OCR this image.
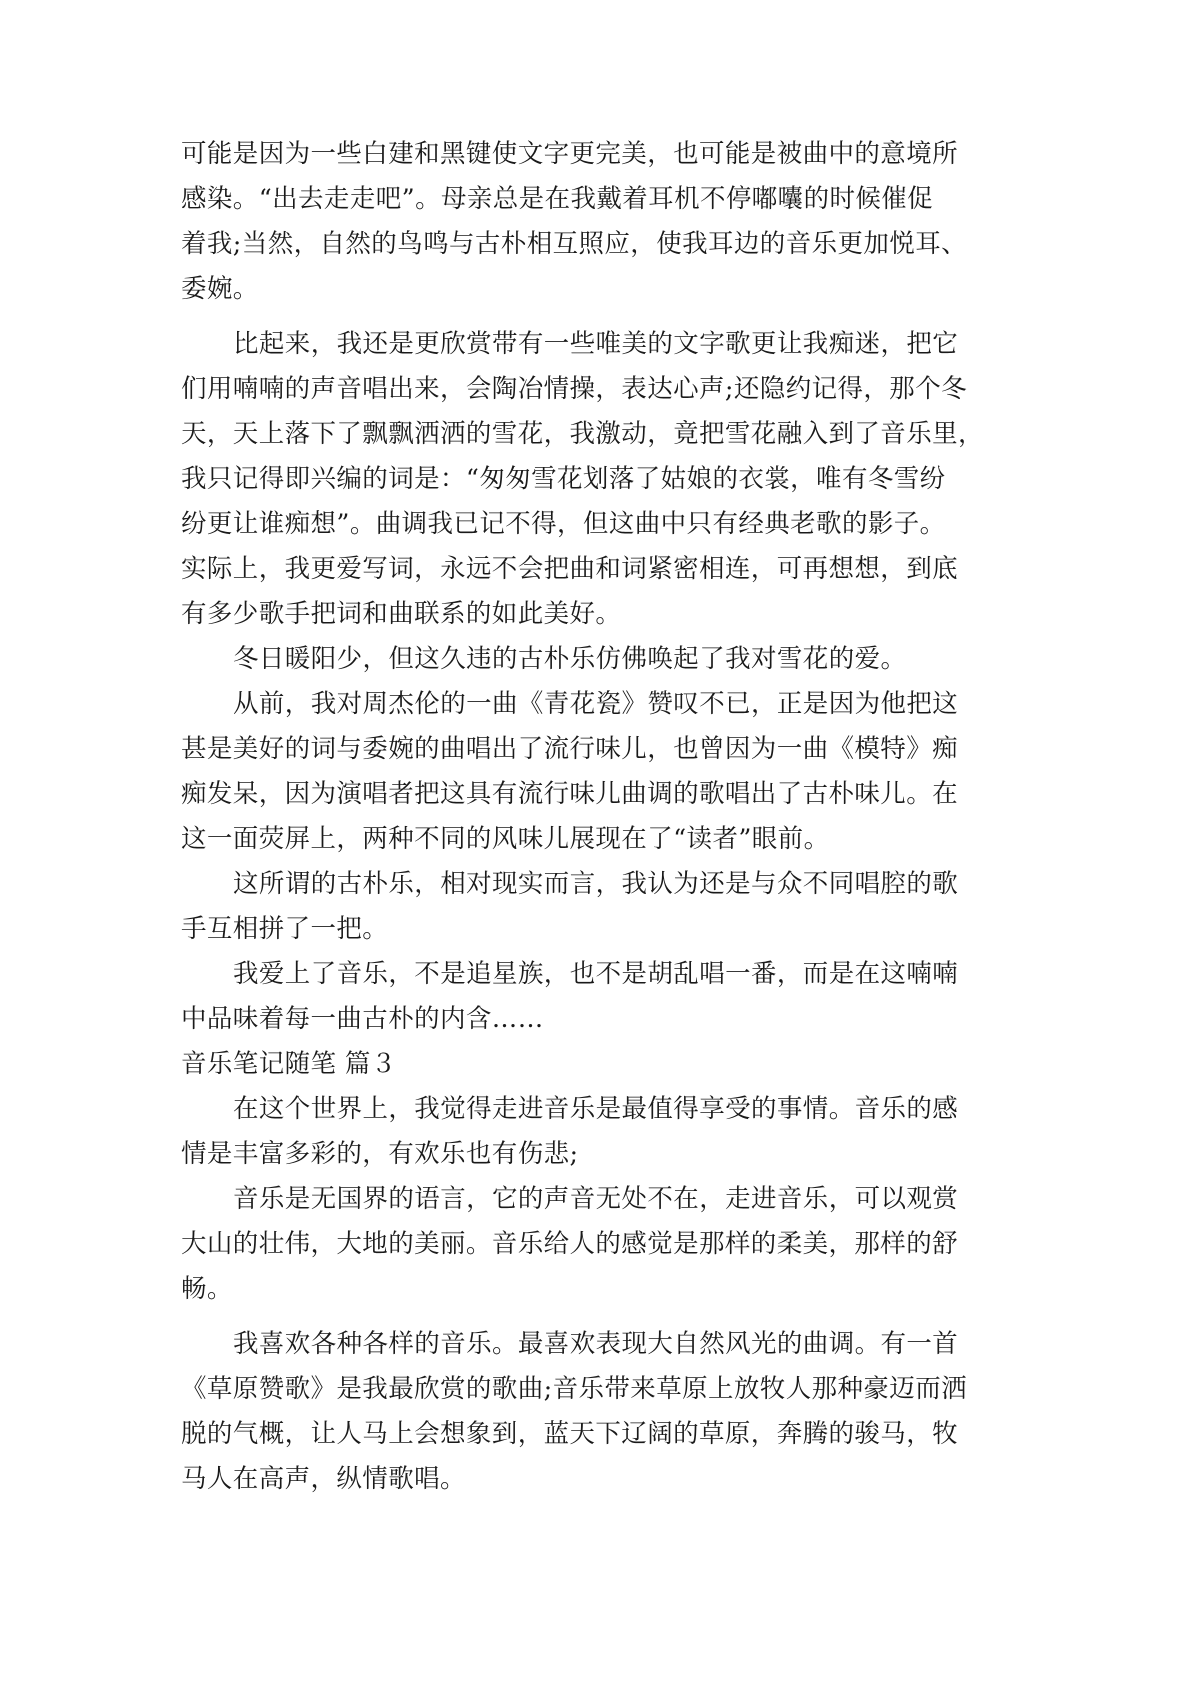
可能是因为一些白建和黑键使文字更完美，也可能是被曲中的意境所
感染。“出去走走吧”。母亲总是在我戴着耳机不停嘟囔的时候催促
着我;当然，自然的鸟鸣与古朴相互照应，使我耳边的音乐更加悦耳、
委婉。
比起来，我还是更欣赏带有一些唯美的文字歌更让我痴迷，把它
们用喃喃的声音唱出来，会陶冶情操，表达心声;还隐约记得，那个冬
天，天上落下了飘飘洒洒的雪花，我激动，竟把雪花融入到了音乐里，
我只记得即兴编的词是：“匆匆雪花划落了姑娘的衣裳，唯有冬雪纷
纷更让谁痴想”。曲调我已记不得，但这曲中只有经典老歌的影子。
实际上，我更爱写词，永远不会把曲和词紧密相连，可再想想，到底
有多少歌手把词和曲联系的如此美好。
冬日暖阳少，但这久违的古朴乐仿佛唤起了我对雪花的爱。
从前，我对周杰伦的一曲《青花瓷》赞叹不已，正是因为他把这
甚是美好的词与委婉的曲唱出了流行味儿，也曾因为一曲《模特》痴
痴发呆，因为演唱者把这具有流行味儿曲调的歌唱出了古朴味儿。在
这一面荧屏上，两种不同的风味儿展现在了“读者”眼前。
这所谓的古朴乐，相对现实而言，我认为还是与众不同唱腔的歌
手互相拼了一把。
我爱上了音乐，不是追星族，也不是胡乱唱一番，而是在这喃喃
中品味着每一曲古朴的内含……
音乐笔记随笔 篇３
在这个世界上，我觉得走进音乐是最值得享受的事情。音乐的感
情是丰富多彩的，有欢乐也有伤悲;
音乐是无国界的语言，它的声音无处不在，走进音乐，可以观赏
大山的壮伟，大地的美丽。音乐给人的感觉是那样的柔美，那样的舒
畅。
我喜欢各种各样的音乐。最喜欢表现大自然风光的曲调。有一首
《草原赞歌》是我最欣赏的歌曲;音乐带来草原上放牧人那种豪迈而洒
脱的气概，让人马上会想象到，蓝天下辽阔的草原，奔腾的骏马，牧
马人在高声，纵情歌唱。
